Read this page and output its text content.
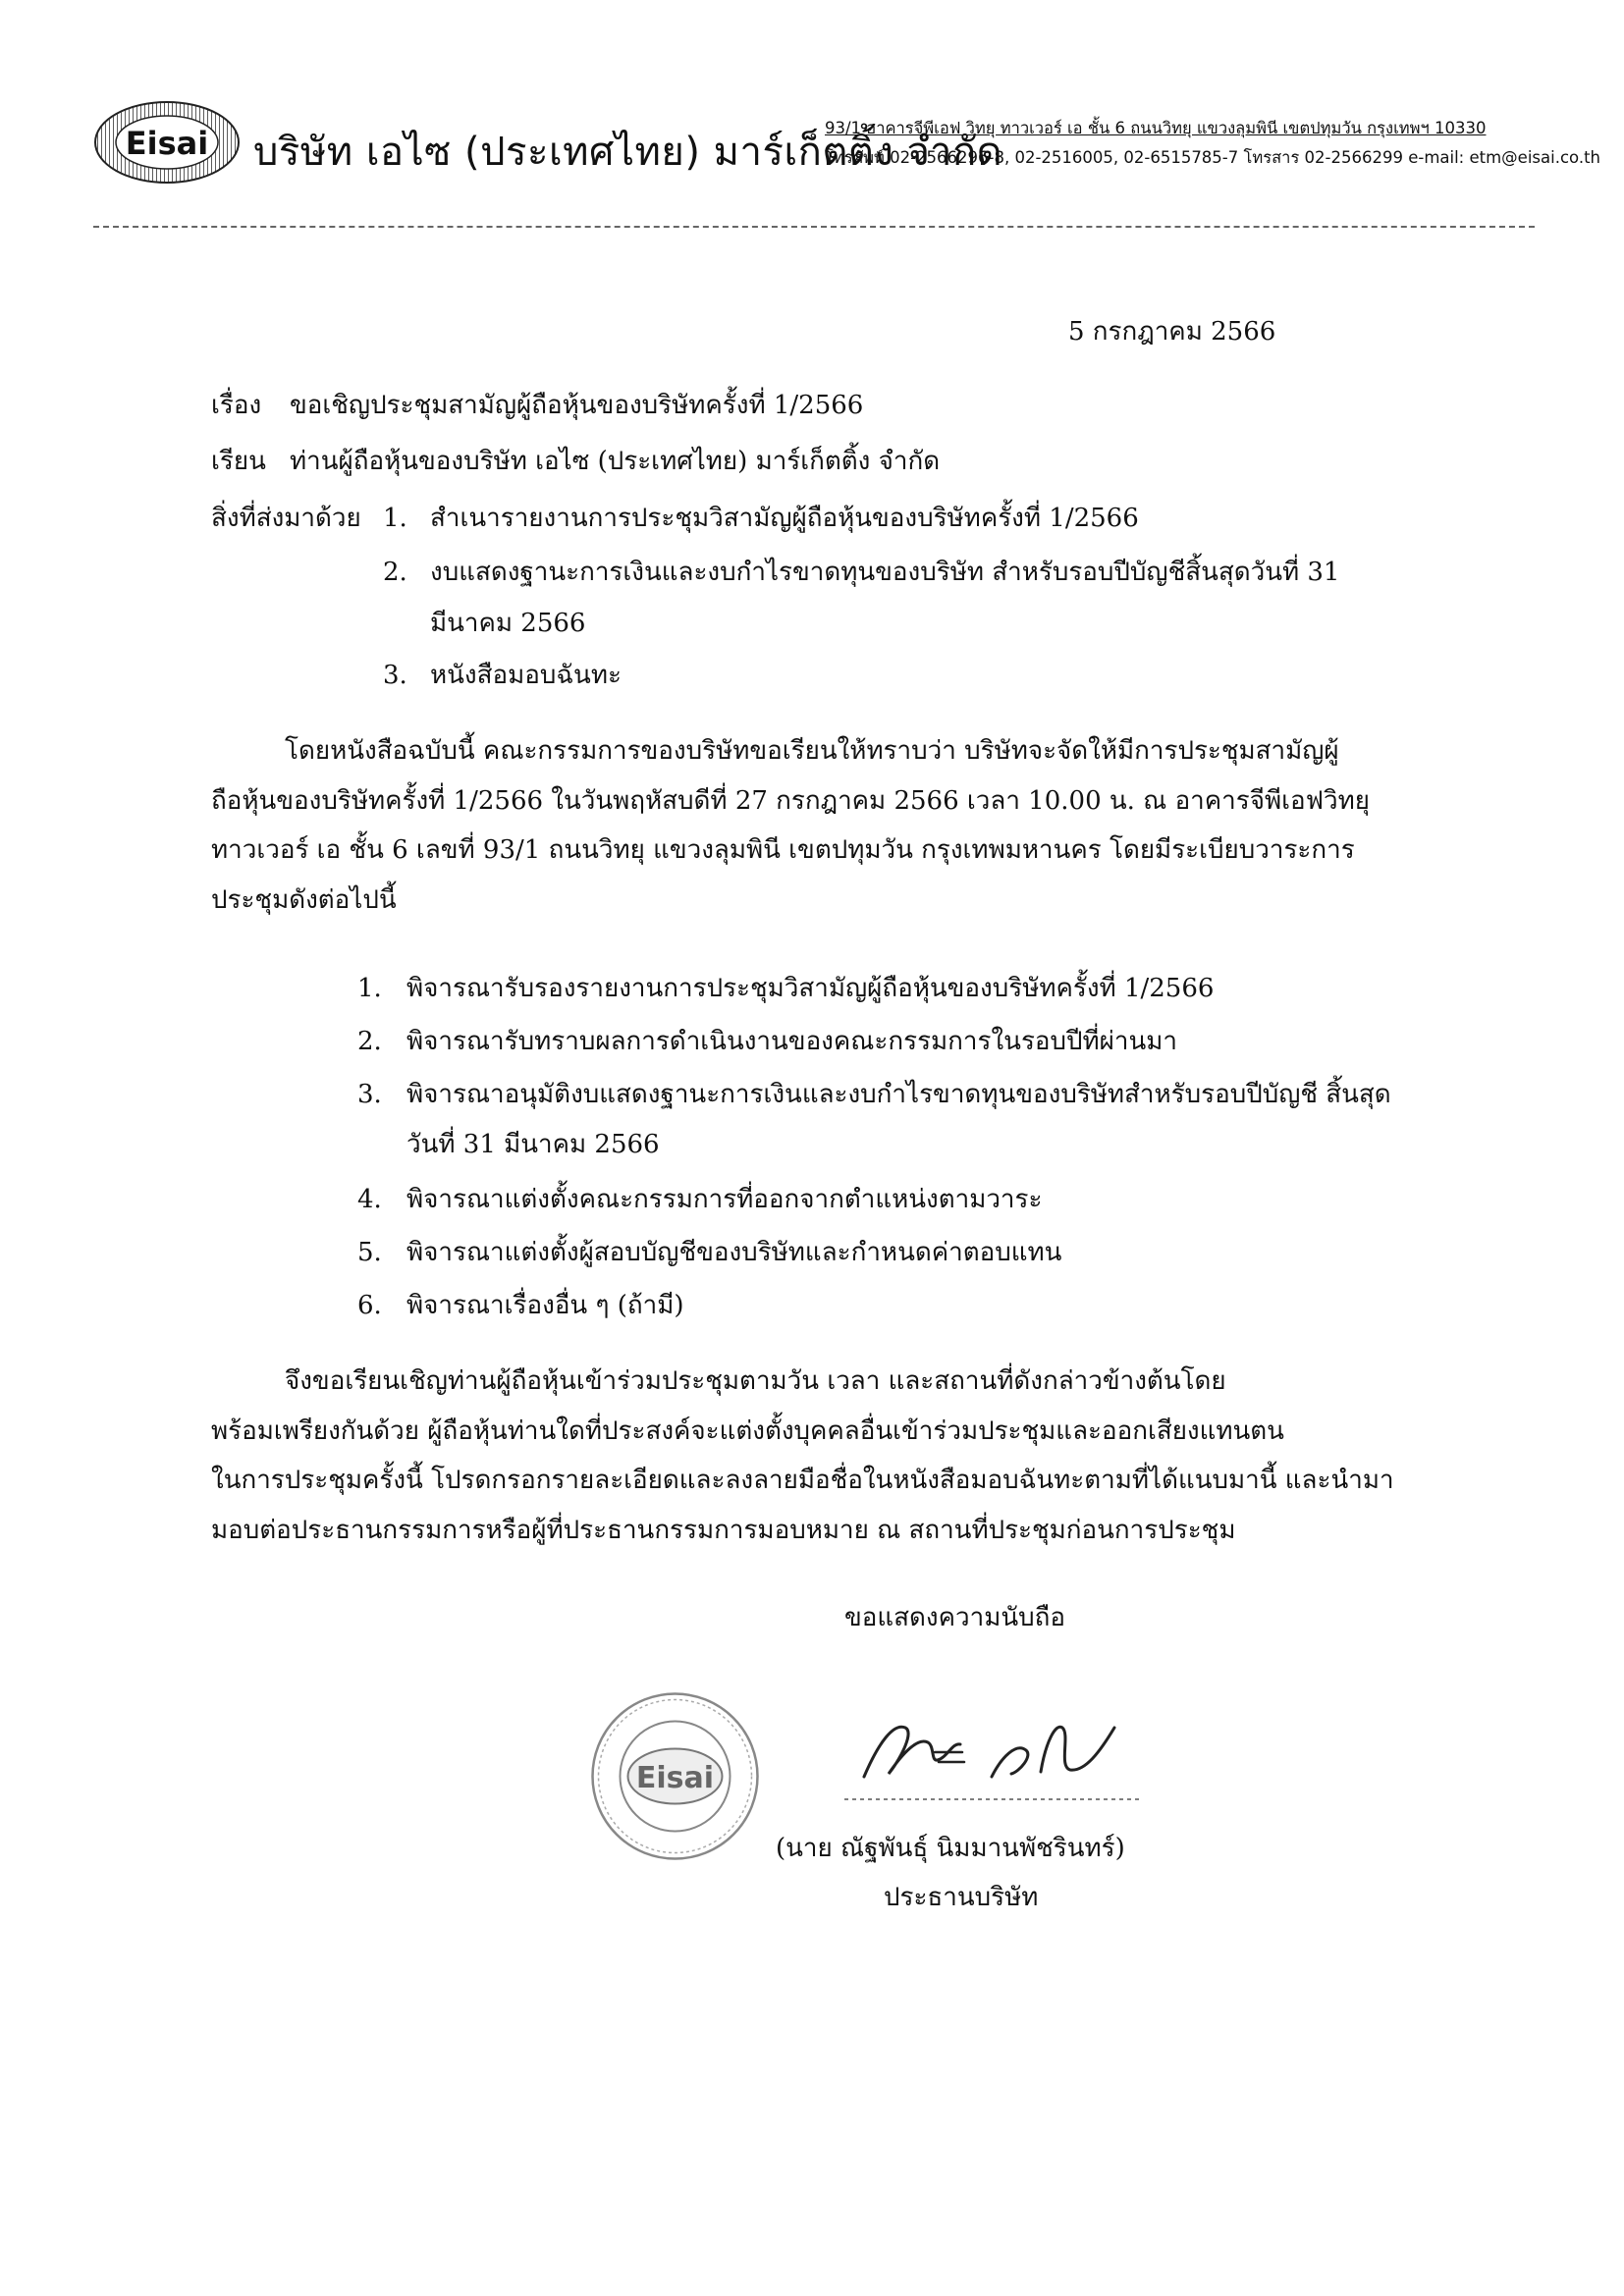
Eisai บริษัท เอไซ (ประเทศไทย) มาร์เก็ตติ้ง จำกัด
93/1 อาคารจีพีเอฟ วิทยุ ทาวเวอร์ เอ ชั้น 6 ถนนวิทยุ แขวงลุมพินี เขตปทุมวัน กรุงเทพฯ 10330
โทรศัพท์ 02-2566296-8, 02-2516005, 02-6515785-7 โทรสาร 02-2566299 e-mail: etm@eisai.co.th
5 กรกฎาคม 2566
เรื่อง ขอเชิญประชุมสามัญผู้ถือหุ้นของบริษัทครั้งที่ 1/2566
เรียน ท่านผู้ถือหุ้นของบริษัท เอไซ (ประเทศไทย) มาร์เก็ตติ้ง จำกัด
สิ่งที่ส่งมาด้วย 1. สำเนารายงานการประชุมวิสามัญผู้ถือหุ้นของบริษัทครั้งที่ 1/2566
2. งบแสดงฐานะการเงินและงบกำไรขาดทุนของบริษัท สำหรับรอบปีบัญชีสิ้นสุดวันที่ 31
มีนาคม 2566
3. หนังสือมอบฉันทะ
โดยหนังสือฉบับนี้ คณะกรรมการของบริษัทขอเรียนให้ทราบว่า บริษัทจะจัดให้มีการประชุมสามัญผู้
ถือหุ้นของบริษัทครั้งที่ 1/2566 ในวันพฤหัสบดีที่ 27 กรกฎาคม 2566 เวลา 10.00 น. ณ อาคารจีพีเอฟวิทยุ
ทาวเวอร์ เอ ชั้น 6 เลขที่ 93/1 ถนนวิทยุ แขวงลุมพินี เขตปทุมวัน กรุงเทพมหานคร โดยมีระเบียบวาระการ
ประชุมดังต่อไปนี้
1. พิจารณารับรองรายงานการประชุมวิสามัญผู้ถือหุ้นของบริษัทครั้งที่ 1/2566
2. พิจารณารับทราบผลการดำเนินงานของคณะกรรมการในรอบปีที่ผ่านมา
3. พิจารณาอนุมัติงบแสดงฐานะการเงินและงบกำไรขาดทุนของบริษัทสำหรับรอบปีบัญชี สิ้นสุด
วันที่ 31 มีนาคม 2566
4. พิจารณาแต่งตั้งคณะกรรมการที่ออกจากตำแหน่งตามวาระ
5. พิจารณาแต่งตั้งผู้สอบบัญชีของบริษัทและกำหนดค่าตอบแทน
6. พิจารณาเรื่องอื่น ๆ (ถ้ามี)
จึงขอเรียนเชิญท่านผู้ถือหุ้นเข้าร่วมประชุมตามวัน เวลา และสถานที่ดังกล่าวข้างต้นโดย
พร้อมเพรียงกันด้วย ผู้ถือหุ้นท่านใดที่ประสงค์จะแต่งตั้งบุคคลอื่นเข้าร่วมประชุมและออกเสียงแทนตน
ในการประชุมครั้งนี้ โปรดกรอกรายละเอียดและลงลายมือชื่อในหนังสือมอบฉันทะตามที่ได้แนบมานี้ และนำมา
มอบต่อประธานกรรมการหรือผู้ที่ประธานกรรมการมอบหมาย ณ สถานที่ประชุมก่อนการประชุม
ขอแสดงความนับถือ
Eisai
(นาย ณัฐพันธุ์ นิมมานพัชรินทร์)
ประธานบริษัท
